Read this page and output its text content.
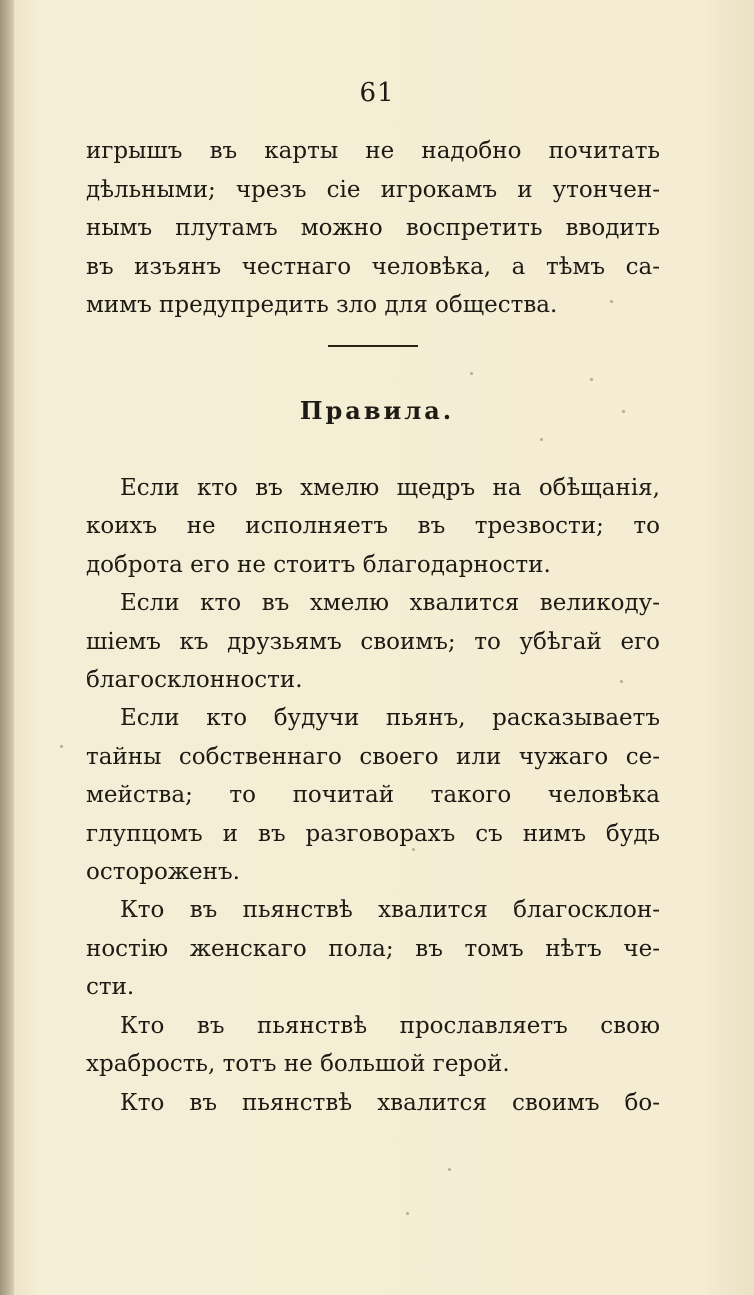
61
игрышъ въ карты не надобно почитать
дѣльными; чрезъ сіе игрокамъ и утончен-
нымъ плутамъ можно воспретить вводить
въ изъянъ честнаго человѣка, а тѣмъ са-
мимъ предупредить зло для общества.
Правила.
Если кто въ хмелю щедръ на обѣщанія,
коихъ не исполняетъ въ трезвости; то
доброта его не стоитъ благодарности.
Если кто въ хмелю хвалится великоду-
шіемъ къ друзьямъ своимъ; то убѣгай его
благосклонности.
Если кто будучи пьянъ, расказываетъ
тайны собственнаго своего или чужаго се-
мейства; то почитай такого человѣка
глупцомъ и въ разговорахъ съ нимъ будь
остороженъ.
Кто въ пьянствѣ хвалится благосклон-
ностію женскаго пола; въ томъ нѣтъ че-
сти.
Кто въ пьянствѣ прославляетъ свою
храбрость, тотъ не большой герой.
Кто въ пьянствѣ хвалится своимъ бо-
